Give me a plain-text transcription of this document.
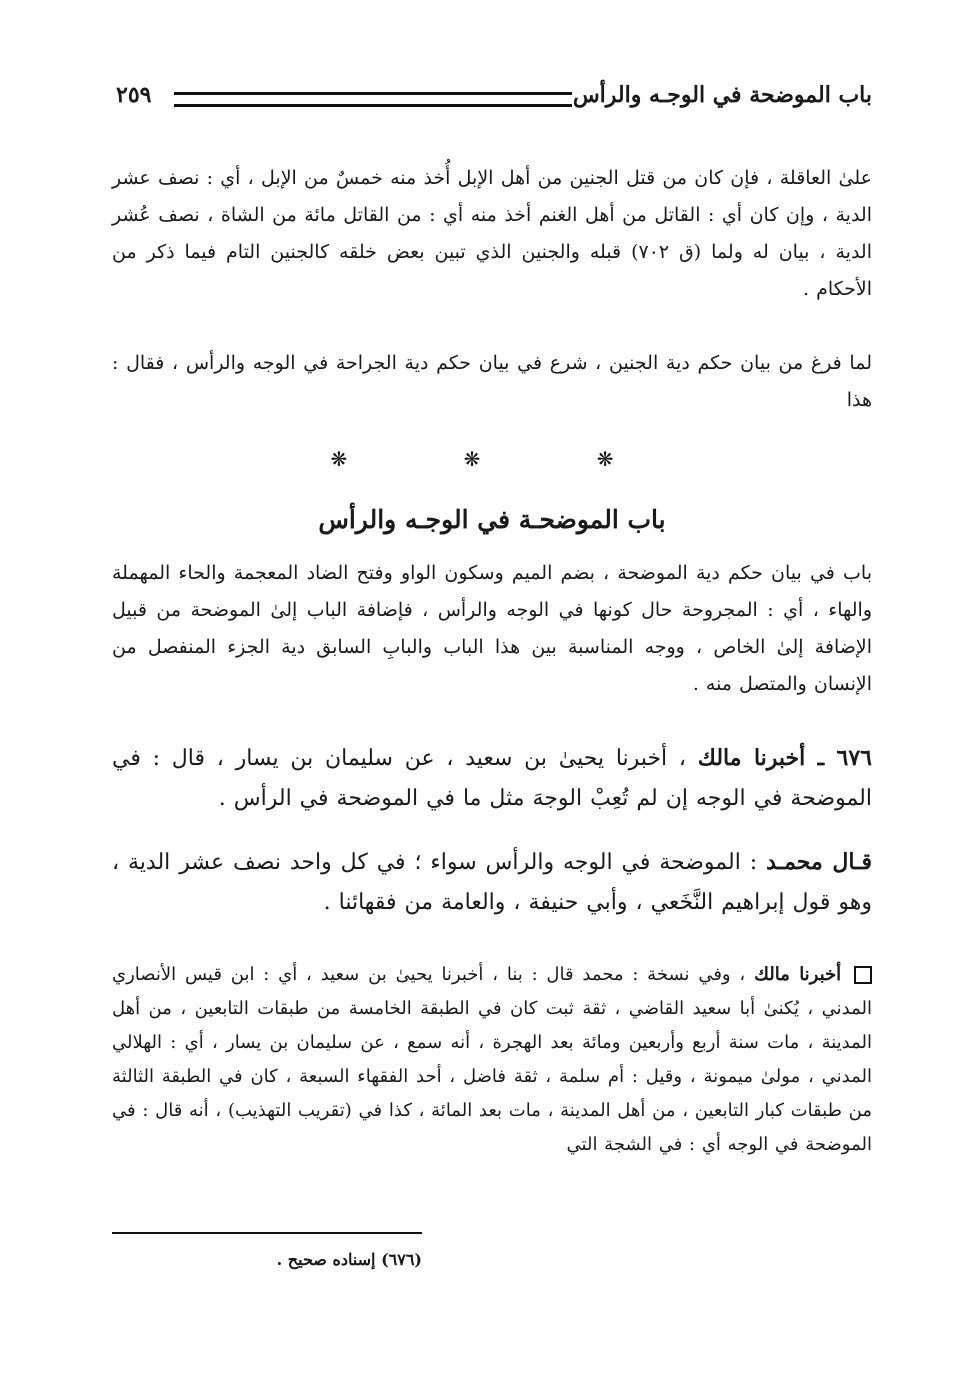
باب الموضحة في الوجـه والرأس
٢٥٩
علىٰ العاقلة ، فإن كان من قتل الجنين من أهل الإبل أُخذ منه خمسٌ من الإبل ، أي : نصف عشر الدية ، وإن كان أي : القاتل من أهل الغنم أخذ منه أي : من القاتل مائة من الشاة ، نصف عُشر الدية ، بيان له ولما (ق ٧٠٢) قبله والجنين الذي تبين بعض خلقه كالجنين التام فيما ذكر من الأحكام .
لما فرغ من بيان حكم دية الجنين ، شرع في بيان حكم دية الجراحة في الوجه والرأس ، فقال : هذا
❋ ❋ ❋
باب الموضحـة في الوجـه والرأس
باب في بيان حكم دية الموضحة ، بضم الميم وسكون الواو وفتح الضاد المعجمة والحاء المهملة والهاء ، أي : المجروحة حال كونها في الوجه والرأس ، فإضافة الباب إلىٰ الموضحة من قبيل الإضافة إلىٰ الخاص ، ووجه المناسبة بين هذا الباب والبابِ السابق دية الجزء المنفصل من الإنسان والمتصل منه .
٦٧٦ ـ أخبرنا مالك ، أخبرنا يحيىٰ بن سعيد ، عن سليمان بن يسار ، قال : في الموضحة في الوجه إن لم تُعِبْ الوجهَ مثل ما في الموضحة في الرأس .
قـال محمـد : الموضحة في الوجه والرأس سواء ؛ في كل واحد نصف عشر الدية ، وهو قول إبراهيم النَّخَعي ، وأبي حنيفة ، والعامة من فقهائنا .
أخبرنا مالك ، وفي نسخة : محمد قال : بنا ، أخبرنا يحيىٰ بن سعيد ، أي : ابن قيس الأنصاري المدني ، يُكنىٰ أبا سعيد القاضي ، ثقة ثبت كان في الطبقة الخامسة من طبقات التابعين ، من أهل المدينة ، مات سنة أربع وأربعين ومائة بعد الهجرة ، أنه سمع ، عن سليمان بن يسار ، أي : الهلالي المدني ، مولىٰ ميمونة ، وقيل : أم سلمة ، ثقة فاضل ، أحد الفقهاء السبعة ، كان في الطبقة الثالثة من طبقات كبار التابعين ، من أهل المدينة ، مات بعد المائة ، كذا في (تقريب التهذيب) ، أنه قال : في الموضحة في الوجه أي : في الشجة التي
(٦٧٦) إسناده صحيح .
